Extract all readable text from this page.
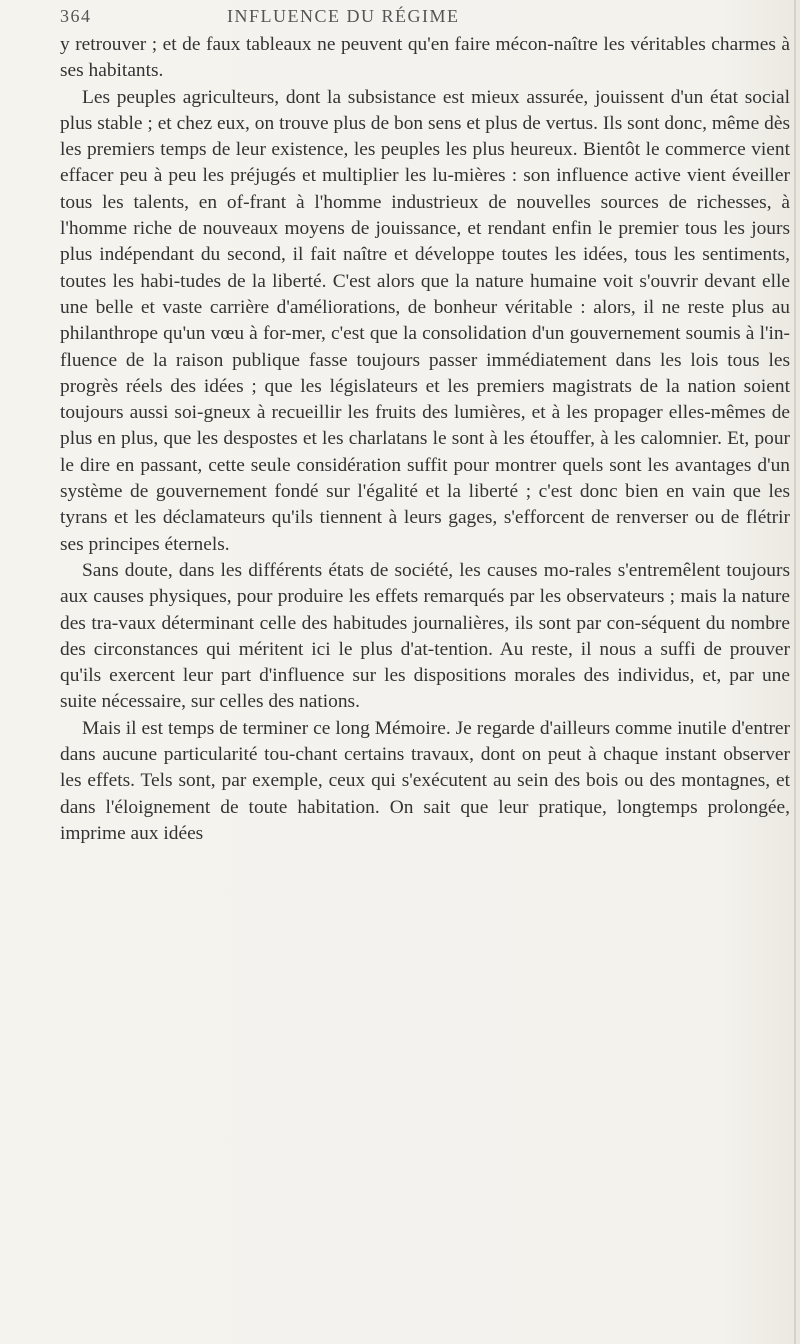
364	INFLUENCE DU RÉGIME

y retrouver ; et de faux tableaux ne peuvent qu'en faire mécon-naître les véritables charmes à ses habitants.

Les peuples agriculteurs, dont la subsistance est mieux assurée, jouissent d'un état social plus stable ; et chez eux, on trouve plus de bon sens et plus de vertus. Ils sont donc, même dès les premiers temps de leur existence, les peuples les plus heureux. Bientôt le commerce vient effacer peu à peu les préjugés et multiplier les lu-mières : son influence active vient éveiller tous les talents, en of-frant à l'homme industrieux de nouvelles sources de richesses, à l'homme riche de nouveaux moyens de jouissance, et rendant enfin le premier tous les jours plus indépendant du second, il fait naître et développe toutes les idées, tous les sentiments, toutes les habi-tudes de la liberté. C'est alors que la nature humaine voit s'ouvrir devant elle une belle et vaste carrière d'améliorations, de bonheur véritable : alors, il ne reste plus au philanthrope qu'un vœu à for-mer, c'est que la consolidation d'un gouvernement soumis à l'in-fluence de la raison publique fasse toujours passer immédiatement dans les lois tous les progrès réels des idées ; que les législateurs et les premiers magistrats de la nation soient toujours aussi soi-gneux à recueillir les fruits des lumières, et à les propager elles-mêmes de plus en plus, que les despostes et les charlatans le sont à les étouffer, à les calomnier. Et, pour le dire en passant, cette seule considération suffit pour montrer quels sont les avantages d'un système de gouvernement fondé sur l'égalité et la liberté ; c'est donc bien en vain que les tyrans et les déclamateurs qu'ils tiennent à leurs gages, s'efforcent de renverser ou de flétrir ses principes éternels.

Sans doute, dans les différents états de société, les causes mo-rales s'entremêlent toujours aux causes physiques, pour produire les effets remarqués par les observateurs ; mais la nature des tra-vaux déterminant celle des habitudes journalières, ils sont par con-séquent du nombre des circonstances qui méritent ici le plus d'at-tention. Au reste, il nous a suffi de prouver qu'ils exercent leur part d'influence sur les dispositions morales des individus, et, par une suite nécessaire, sur celles des nations.

Mais il est temps de terminer ce long Mémoire. Je regarde d'ailleurs comme inutile d'entrer dans aucune particularité tou-chant certains travaux, dont on peut à chaque instant observer les effets. Tels sont, par exemple, ceux qui s'exécutent au sein des bois ou des montagnes, et dans l'éloignement de toute habitation. On sait que leur pratique, longtemps prolongée, imprime aux idées
